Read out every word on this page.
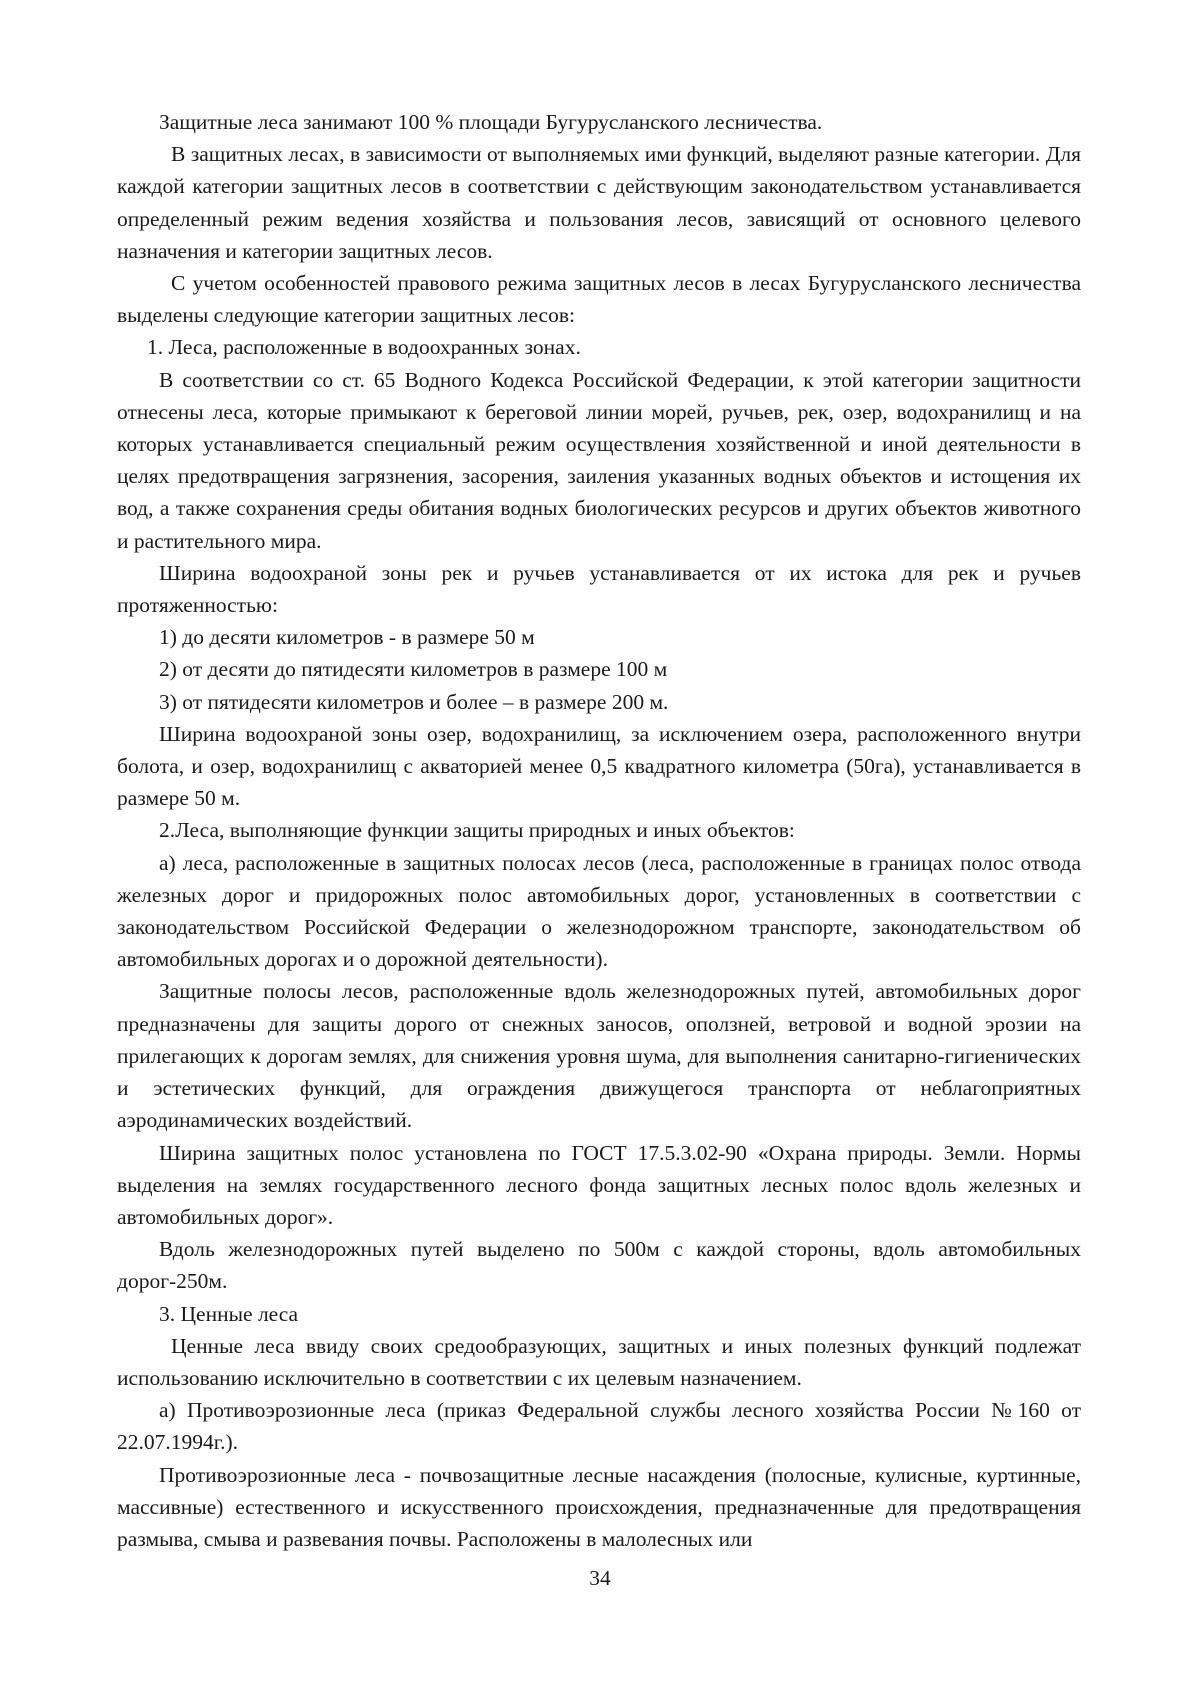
Защитные леса занимают 100 % площади Бугурусланского лесничества.

В защитных лесах, в зависимости от выполняемых ими функций, выделяют разные категории. Для каждой категории защитных лесов в соответствии с действующим законодательством устанавливается определенный режим ведения хозяйства и пользования лесов, зависящий от основного целевого назначения и категории защитных лесов.

С учетом особенностей правового режима защитных лесов в лесах Бугурусланского лесничества выделены следующие категории защитных лесов:

1. Леса, расположенные в водоохранных зонах.

В соответствии со ст. 65 Водного Кодекса Российской Федерации, к этой категории защитности отнесены леса, которые примыкают к береговой линии морей, ручьев, рек, озер, водохранилищ и на которых устанавливается специальный режим осуществления хозяйственной и иной деятельности в целях предотвращения загрязнения, засорения, заиления указанных водных объектов и истощения их вод, а также сохранения среды обитания водных биологических ресурсов и других объектов животного и растительного мира.

Ширина водоохраной зоны рек и ручьев устанавливается от их истока для рек и ручьев протяженностью:

1) до десяти километров - в размере 50 м

2) от десяти до пятидесяти километров в размере 100 м

3) от пятидесяти километров и более – в размере 200 м.

Ширина водоохраной зоны озер, водохранилищ, за исключением озера, расположенного внутри болота, и озер, водохранилищ с акваторией менее 0,5 квадратного километра (50га), устанавливается в размере 50 м.

2.Леса, выполняющие функции защиты природных и иных объектов:

а) леса, расположенные в защитных полосах лесов (леса, расположенные в границах полос отвода железных дорог и придорожных полос автомобильных дорог, установленных в соответствии с законодательством Российской Федерации о железнодорожном транспорте, законодательством об автомобильных дорогах и о дорожной деятельности).

Защитные полосы лесов, расположенные вдоль железнодорожных путей, автомобильных дорог предназначены для защиты дорого от снежных заносов, оползней, ветровой и водной эрозии на прилегающих к дорогам землях, для снижения уровня шума, для выполнения санитарно-гигиенических и эстетических функций, для ограждения движущегося транспорта от неблагоприятных аэродинамических воздействий.

Ширина защитных полос установлена по ГОСТ 17.5.3.02-90 «Охрана природы. Земли. Нормы выделения на землях государственного лесного фонда защитных лесных полос вдоль железных и автомобильных дорог».

Вдоль железнодорожных путей выделено по 500м с каждой стороны, вдоль автомобильных дорог-250м.

3. Ценные леса

Ценные леса ввиду своих средообразующих, защитных и иных полезных функций подлежат использованию исключительно в соответствии с их целевым назначением.

а) Противоэрозионные леса (приказ Федеральной службы лесного хозяйства России №160 от 22.07.1994г.).

Противоэрозионные леса - почвозащитные лесные насаждения (полосные, кулисные, куртинные, массивные) естественного и искусственного происхождения, предназначенные для предотвращения размыва, смыва и развевания почвы. Расположены в малолесных или

34
